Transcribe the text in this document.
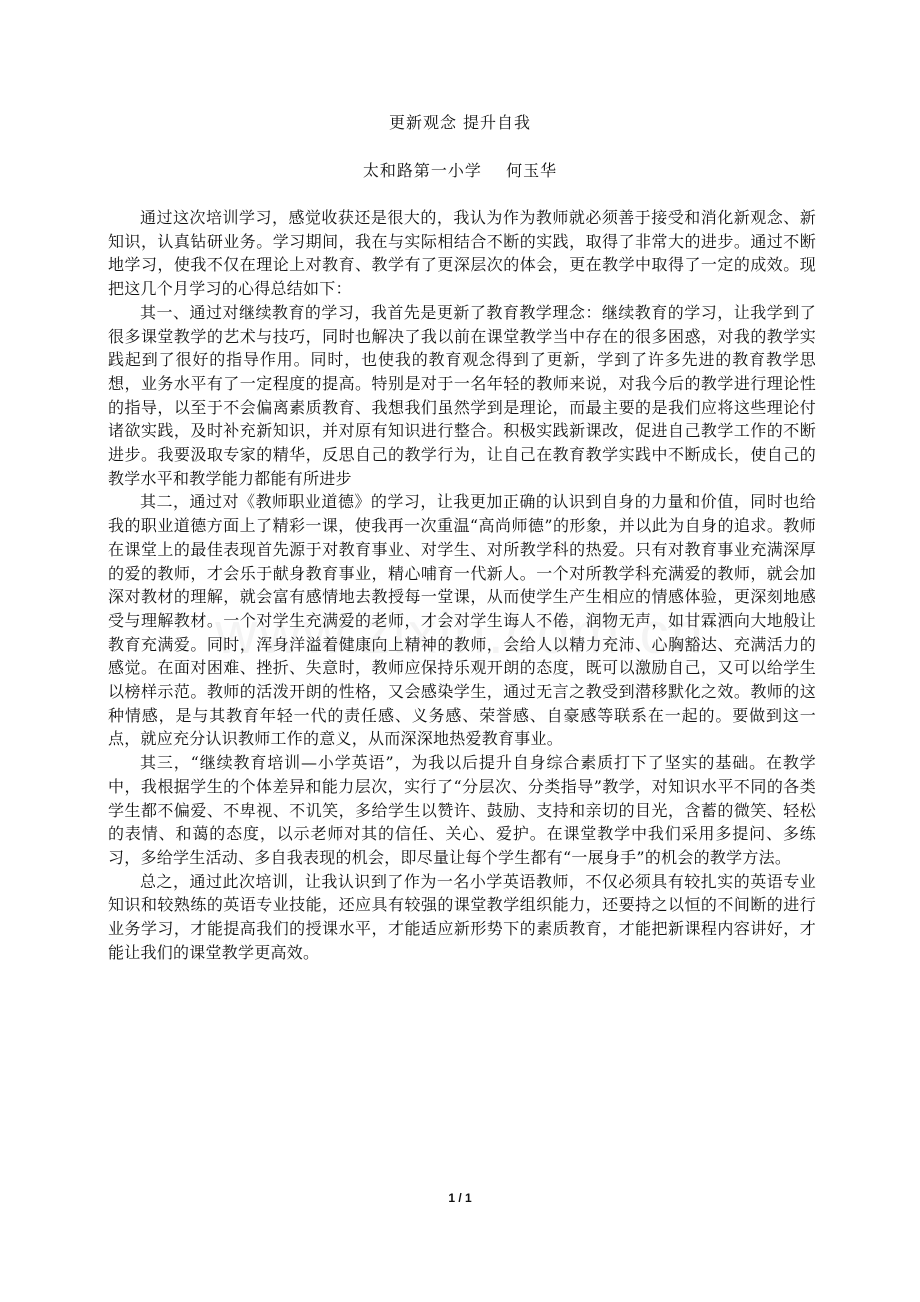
更新观念 提升自我
太和路第一小学    何玉华

通过这次培训学习，感觉收获还是很大的，我认为作为教师就必须善于接受和消化新观念、新知识，认真钻研业务。学习期间，我在与实际相结合不断的实践，取得了非常大的进步。通过不断地学习，使我不仅在理论上对教育、教学有了更深层次的体会，更在教学中取得了一定的成效。现把这几个月学习的心得总结如下：

其一、通过对继续教育的学习，我首先是更新了教育教学理念：继续教育的学习，让我学到了很多课堂教学的艺术与技巧，同时也解决了我以前在课堂教学当中存在的很多困惑，对我的教学实践起到了很好的指导作用。同时，也使我的教育观念得到了更新，学到了许多先进的教育教学思想，业务水平有了一定程度的提高。特别是对于一名年轻的教师来说，对我今后的教学进行理论性的指导，以至于不会偏离素质教育、我想我们虽然学到是理论，而最主要的是我们应将这些理论付诸欲实践，及时补充新知识，并对原有知识进行整合。积极实践新课改，促进自己教学工作的不断进步。我要汲取专家的精华，反思自己的教学行为，让自己在教育教学实践中不断成长，使自己的教学水平和教学能力都能有所进步

其二，通过对《教师职业道德》的学习，让我更加正确的认识到自身的力量和价值，同时也给我的职业道德方面上了精彩一课，使我再一次重温“高尚师德”的形象，并以此为自身的追求。教师在课堂上的最佳表现首先源于对教育事业、对学生、对所教学科的热爱。只有对教育事业充满深厚的爱的教师，才会乐于献身教育事业，精心哺育一代新人。一个对所教学科充满爱的教师，就会加深对教材的理解，就会富有感情地去教授每一堂课，从而使学生产生相应的情感体验，更深刻地感受与理解教材。一个对学生充满爱的老师，才会对学生诲人不倦，润物无声，如甘霖洒向大地般让教育充满爱。同时，浑身洋溢着健康向上精神的教师，会给人以精力充沛、心胸豁达、充满活力的感觉。在面对困难、挫折、失意时，教师应保持乐观开朗的态度，既可以激励自己，又可以给学生以榜样示范。教师的活泼开朗的性格，又会感染学生，通过无言之教受到潜移默化之效。教师的这种情感，是与其教育年轻一代的责任感、义务感、荣誉感、自豪感等联系在一起的。要做到这一点，就应充分认识教师工作的意义，从而深深地热爱教育事业。

其三，“继续教育培训—小学英语”，为我以后提升自身综合素质打下了坚实的基础。在教学中，我根据学生的个体差异和能力层次，实行了“分层次、分类指导”教学，对知识水平不同的各类学生都不偏爱、不卑视、不讥笑，多给学生以赞许、鼓励、支持和亲切的目光，含蓄的微笑、轻松的表情、和蔼的态度，以示老师对其的信任、关心、爱护。在课堂教学中我们采用多提问、多练习，多给学生活动、多自我表现的机会，即尽量让每个学生都有“一展身手”的机会的教学方法。

总之，通过此次培训，让我认识到了作为一名小学英语教师，不仅必须具有较扎实的英语专业知识和较熟练的英语专业技能，还应具有较强的课堂教学组织能力，还要持之以恒的不间断的进行业务学习，才能提高我们的授课水平，才能适应新形势下的素质教育，才能把新课程内容讲好，才能让我们的课堂教学更高效。

1 / 1
